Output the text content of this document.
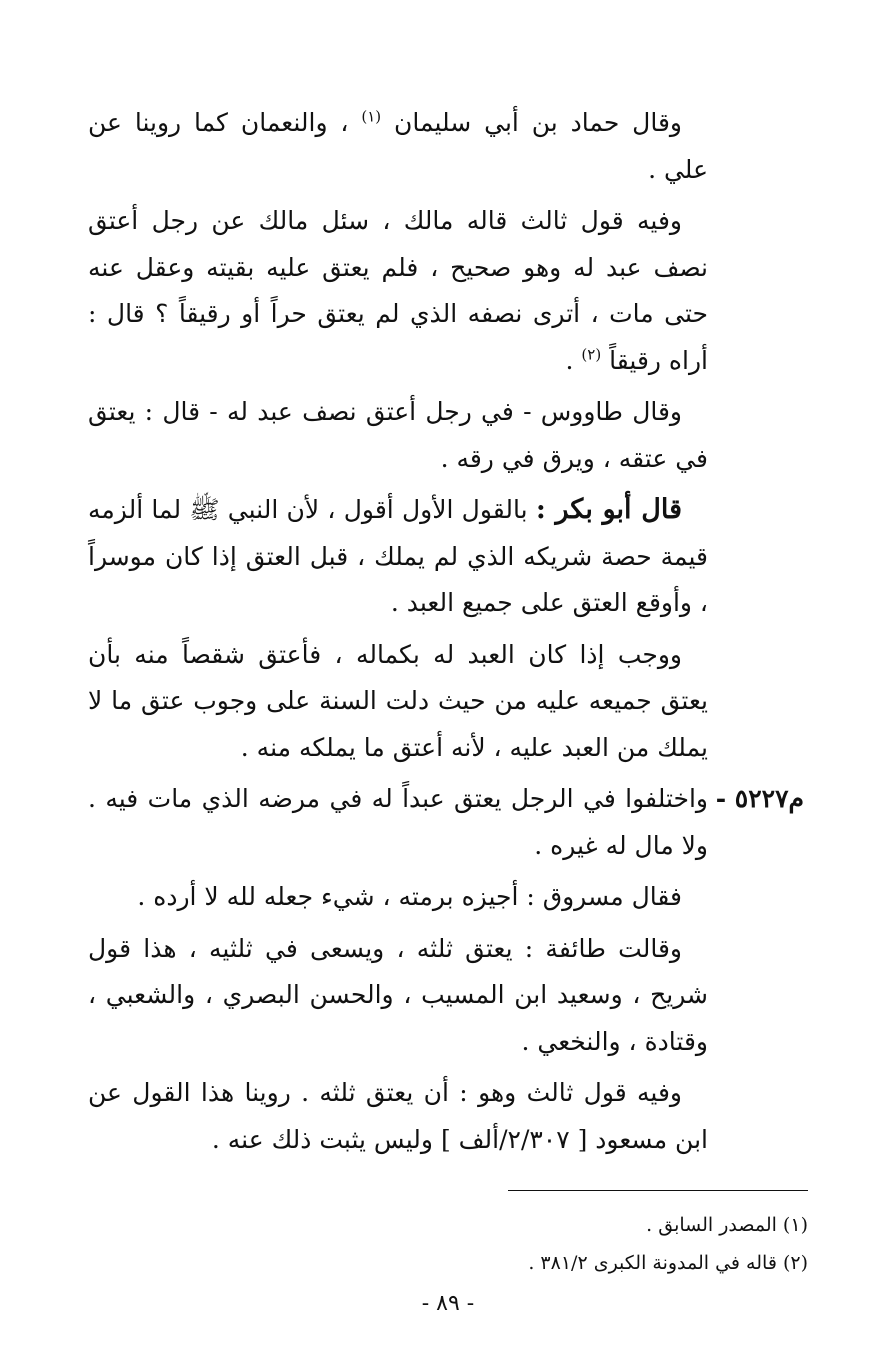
وقال حماد بن أبي سليمان $^{(١)}$ ، والنعمان كما روينا عن علي .

وفيه قول ثالث قاله مالك ، سئل مالك عن رجل أعتق نصف عبد له وهو صحيح ، فلم يعتق عليه بقيته وعقل عنه حتى مات ، أترى نصفه الذي لم يعتق حراً أو رقيقاً ؟ قال : أراه رقيقاً $^{(٢)}$ .

وقال طاووس - في رجل أعتق نصف عبد له - قال : يعتق في عتقه ، ويرق في رقه .

قال أبو بكر : بالقول الأول أقول ، لأن النبي ﷺ لما ألزمه قيمة حصة شريكه الذي لم يملك ، قبل العتق إذا كان موسراً ، وأوقع العتق على جميع العبد .

ووجب إذا كان العبد له بكماله ، فأعتق شقصاً منه بأن يعتق جميعه عليه من حيث دلت السنة على وجوب عتق ما لا يملك من العبد عليه ، لأنه أعتق ما يملكه منه .

م٥٢٢٧ -
واختلفوا في الرجل يعتق عبداً له في مرضه الذي مات فيه . ولا مال له غيره .

فقال مسروق : أجيزه برمته ، شيء جعله لله لا أرده .

وقالت طائفة : يعتق ثلثه ، ويسعى في ثلثيه ، هذا قول شريح ، وسعيد ابن المسيب ، والحسن البصري ، والشعبي ، وقتادة ، والنخعي .

وفيه قول ثالث وهو : أن يعتق ثلثه . روينا هذا القول عن ابن مسعود [ ٢/٣٠٧/ألف ] وليس يثبت ذلك عنه .

(١) المصدر السابق .
(٢) قاله في المدونة الكبرى ٣٨١/٢ .
- ٨٩ -
